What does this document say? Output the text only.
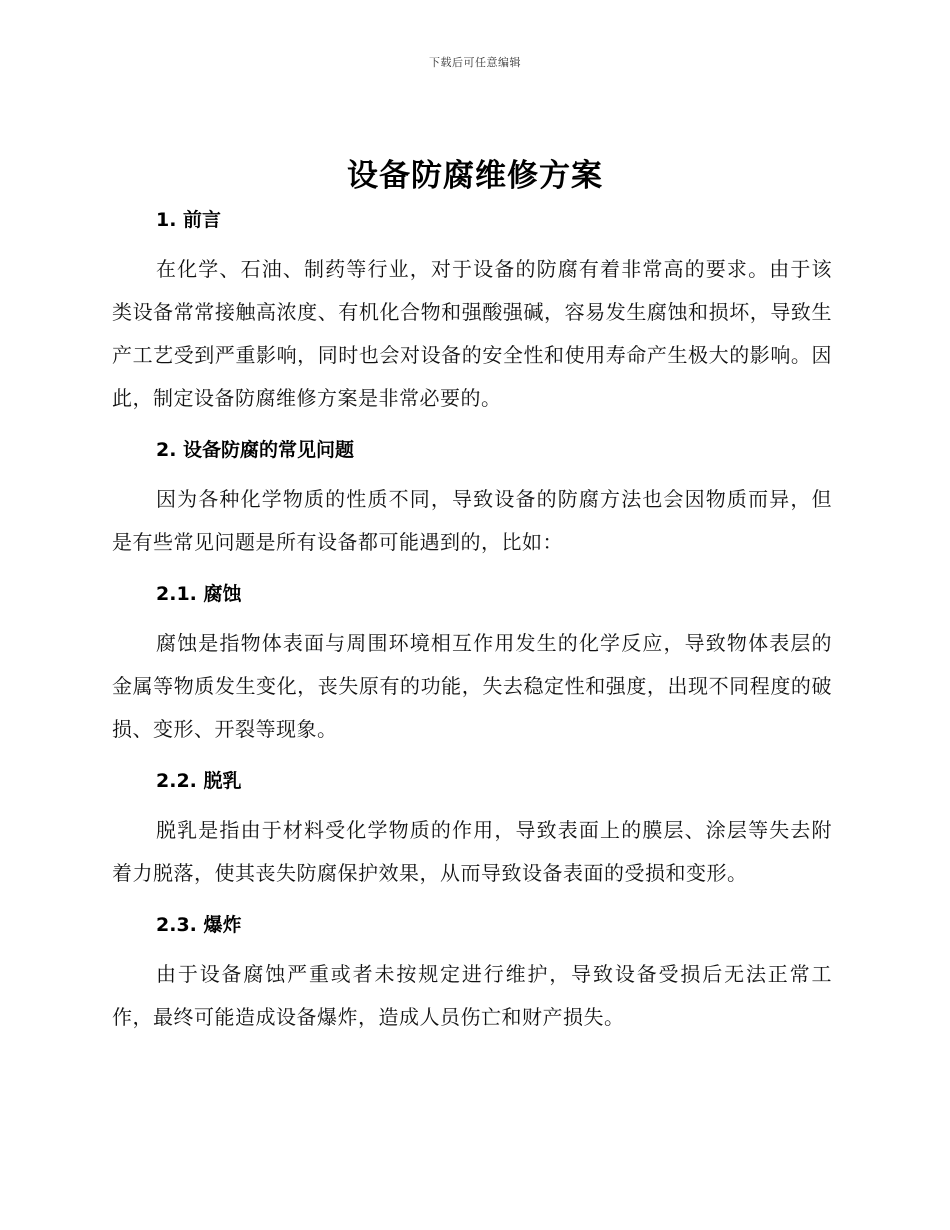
下载后可任意编辑
设备防腐维修方案
1. 前言

在化学、石油、制药等行业，对于设备的防腐有着非常高的要求。由于该类设备常常接触高浓度、有机化合物和强酸强碱，容易发生腐蚀和损坏，导致生产工艺受到严重影响，同时也会对设备的安全性和使用寿命产生极大的影响。因此，制定设备防腐维修方案是非常必要的。

2. 设备防腐的常见问题

因为各种化学物质的性质不同，导致设备的防腐方法也会因物质而异，但是有些常见问题是所有设备都可能遇到的，比如：

2.1. 腐蚀

腐蚀是指物体表面与周围环境相互作用发生的化学反应，导致物体表层的金属等物质发生变化，丧失原有的功能，失去稳定性和强度，出现不同程度的破损、变形、开裂等现象。

2.2. 脱乳

脱乳是指由于材料受化学物质的作用，导致表面上的膜层、涂层等失去附着力脱落，使其丧失防腐保护效果，从而导致设备表面的受损和变形。

2.3. 爆炸

由于设备腐蚀严重或者未按规定进行维护，导致设备受损后无法正常工作，最终可能造成设备爆炸，造成人员伤亡和财产损失。
